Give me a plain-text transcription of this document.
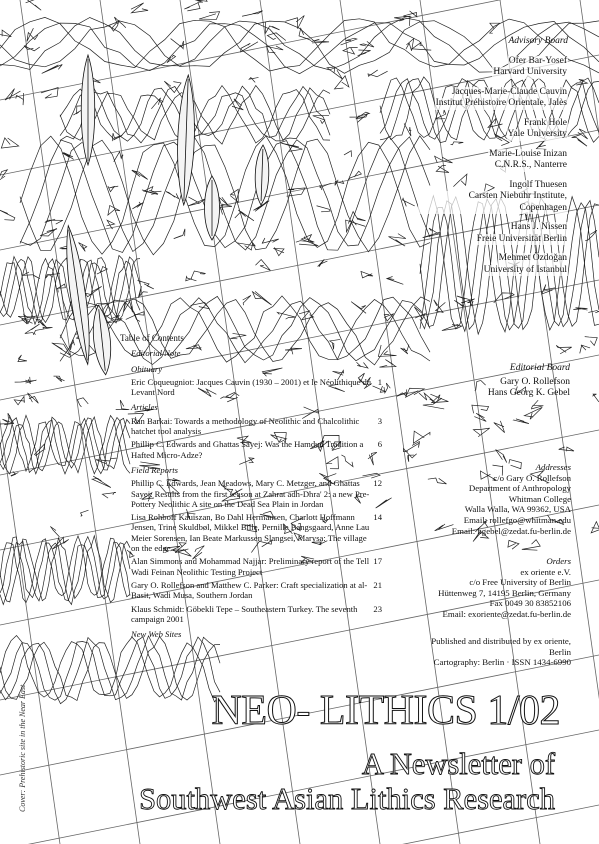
Advisory Board
Ofer Bar-Yosef
Harvard University
Jacques-Marie-Claude Cauvin
Institut Préhistoire Orientale, Jalès
Frank Hole
Yale University
Marie-Louise Inizan
C.N.R.S., Nanterre
Ingolf Thuesen
Carsten Niebuhr Institute, Copenhagen
Hans J. Nissen
Freie Universität Berlin
Mehmet Özdoğan
University of Istanbul
Editorial Board
Gary O. Rollefson
Hans Georg K. Gebel
Table of Contents
Editorial Note
Obituary
Eric Coqueugniot: Jacques Cauvin (1930 – 2001) et le Néolithique du Levant Nord
1
Articles
Ran Barkai: Towards a methodology of Neolithic and Chalcolithic hatchet tool analysis
3
Phillip C. Edwards and Ghattas Sayej: Was the Hamdud Tradition a Hafted Micro-Adze?
6
Field Reports
Phillip C. Edwards, Jean Meadows, Mary C. Metzger, and Ghattas Sayej: Results from the first season at Zahrat adh-Dhra' 2: a new Pre-Pottery Neolithic A site on the Dead Sea Plain in Jordan
12
Lisa Rohboff Kauiszan, Bo Dahl Hermansen, Charlott Hoffmann Jensen, Trine Skuldbøl, Mikkel Bille, Pernille Bangsgaard, Anne Lau Meier Sorensen, Ian Beate Markussen Slangsei, Marysa: The village on the edge
14
Alan Simmons and Mohammad Najjar: Preliminary report of the Tell Wadi Feinan Neolithic Testing Project
17
Gary O. Rollefson and Matthew C. Parker: Craft specialization at al-Basit, Wadi Musa, Southern Jordan
21
Klaus Schmidt: Göbekli Tepe – Southeastern Turkey. The seventh campaign 2001
23
New Web Sites
Addresses
c/o Gary O. Rollefson
Department of Anthropology
Whitman College
Walla Walla, WA 99362, USA
Email: rollefgo@whitman.edu
Email: hgebel@zedat.fu-berlin.de
Orders
ex oriente e.V.
c/o Free University of Berlin
Hüttenweg 7, 14195 Berlin, Germany
Fax 0049 30 83852106
Email: exoriente@zedat.fu-berlin.de
Published and distributed by ex oriente, Berlin
Cartography: Berlin · ISSN 1434-6990
Cover: Prehistoric site in the Near East	NEO- LITHICS 1/02
A Newsletter of
Southwest Asian Lithics Research
